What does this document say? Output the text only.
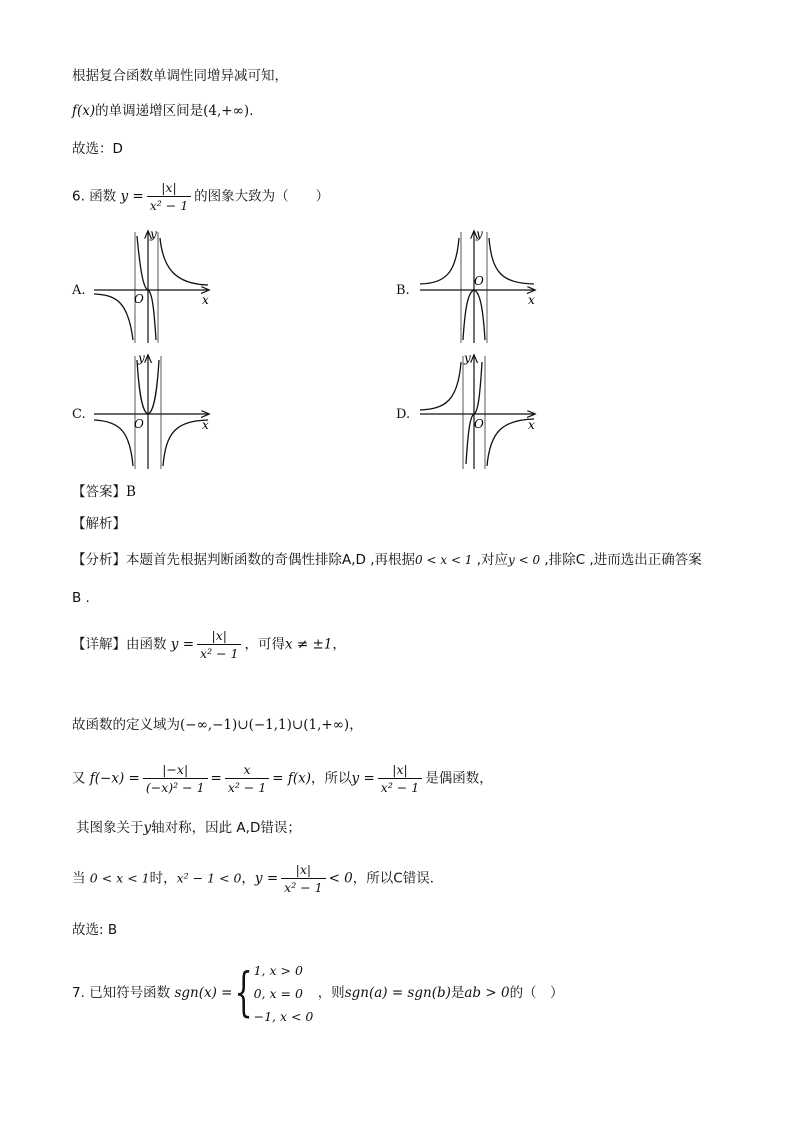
根据复合函数单调性同增异减可知，
f(x)的单调递增区间是(4,+∞).
故选：D
6. 函数 $y = \frac{|x|}{\text{x² − 1}}$ 的图象大致为（　　）
A.	B.
C.	D.
x
y
O	x
y
O
x
y
O	x
y
O
【答案】B
【解析】
【分析】本题首先根据判断函数的奇偶性排除A,D ,再根据0 < x < 1 ,对应y < 0 ,排除C ,进而选出正确答案
B .
【详解】由函数 $y = \frac{|x|}{\text{x² − 1}}$ ，可得x ≠ ±1，
故函数的定义域为(−∞,−1)∪(−1,1)∪(1,+∞)，
又 $f(-x) = \frac{|-x|}{\text{(−x)² − 1}} = \frac{x}{\text{x² − 1}} = f(x)$，所以$y = \frac{|x|}{\text{x² − 1}}$ 是偶函数，
其图象关于y轴对称，因此 A,D错误；
当 0 < x < 1时，x² − 1 < 0，$y = \frac{|x|}{\text{x² − 1}} < 0$，所以C错误．
故选: B
7. 已知符号函数 sgn(x) ={ 1, x > 0
0, x = 0
−1, x < 0
，则sgn(a) = sgn(b)是ab > 0的（　）
